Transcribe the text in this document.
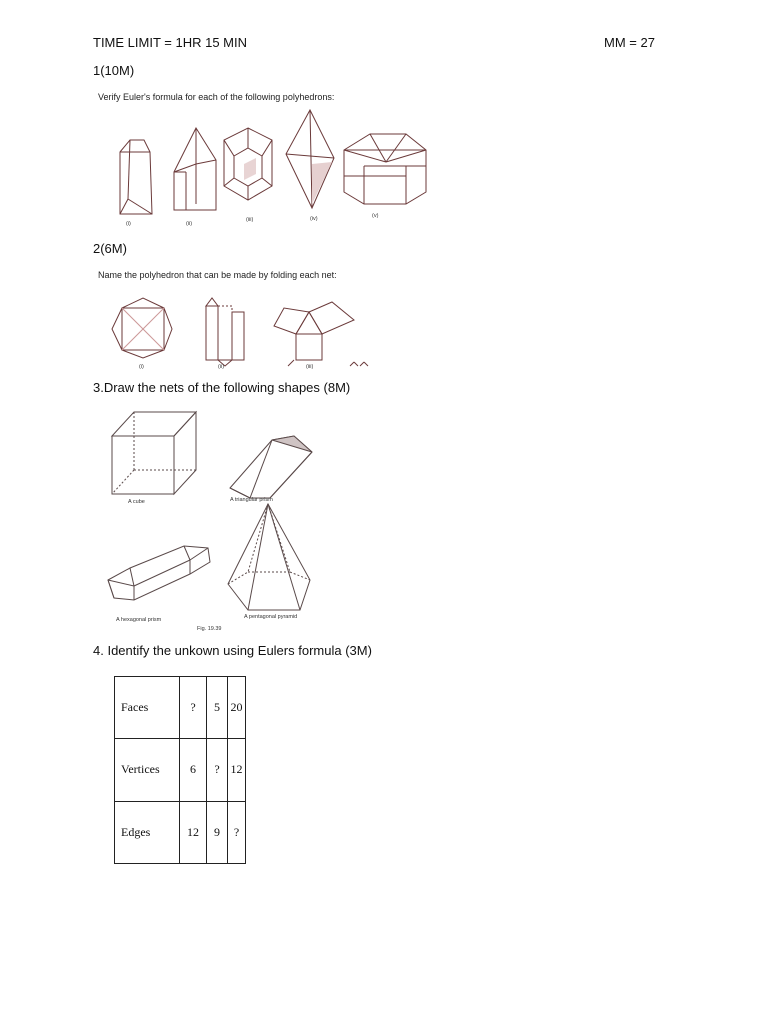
TIME LIMIT = 1HR 15 MIN	MM = 27
1(10M)
Verify Euler's formula for each of the following polyhedrons:
(i)	(ii)
(iii)	(iv)	(v)
2(6M)
Name the polyhedron that can be made by folding each net:
(i)	(ii)	(iii)
3.Draw the nets of the following shapes (8M)
A cube	A triangular prism
A hexagonal prism	A pentagonal pyramid
Fig. 19.39
4. Identify the unkown using Eulers formula (3M)
Faces	?	5	20
Vertices	6	?	12
Edges	12	9	?
